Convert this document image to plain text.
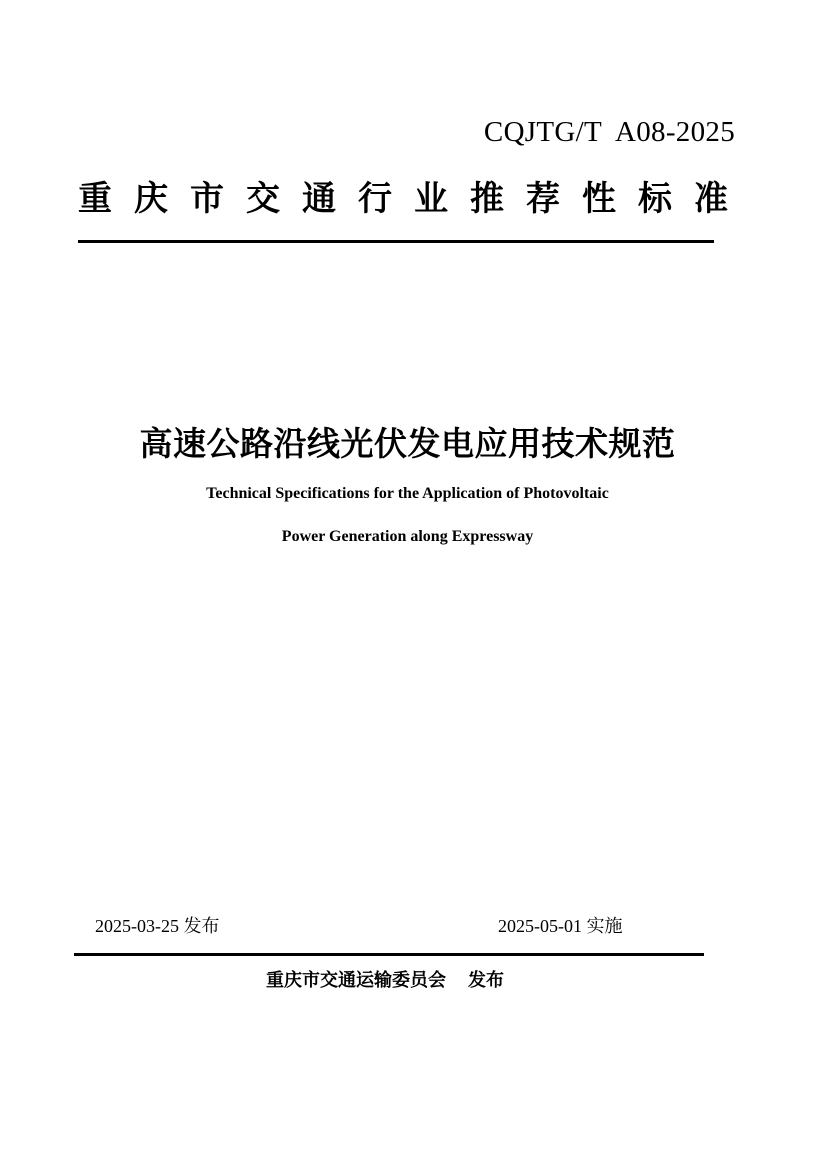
CQJTG/T  A08-2025
重 庆 市 交 通 行 业 推 荐 性 标 准
高速公路沿线光伏发电应用技术规范
Technical Specifications for the Application of Photovoltaic
Power Generation along Expressway
2025-03-25 发布	2025-05-01 实施
重庆市交通运输委员会 发布
